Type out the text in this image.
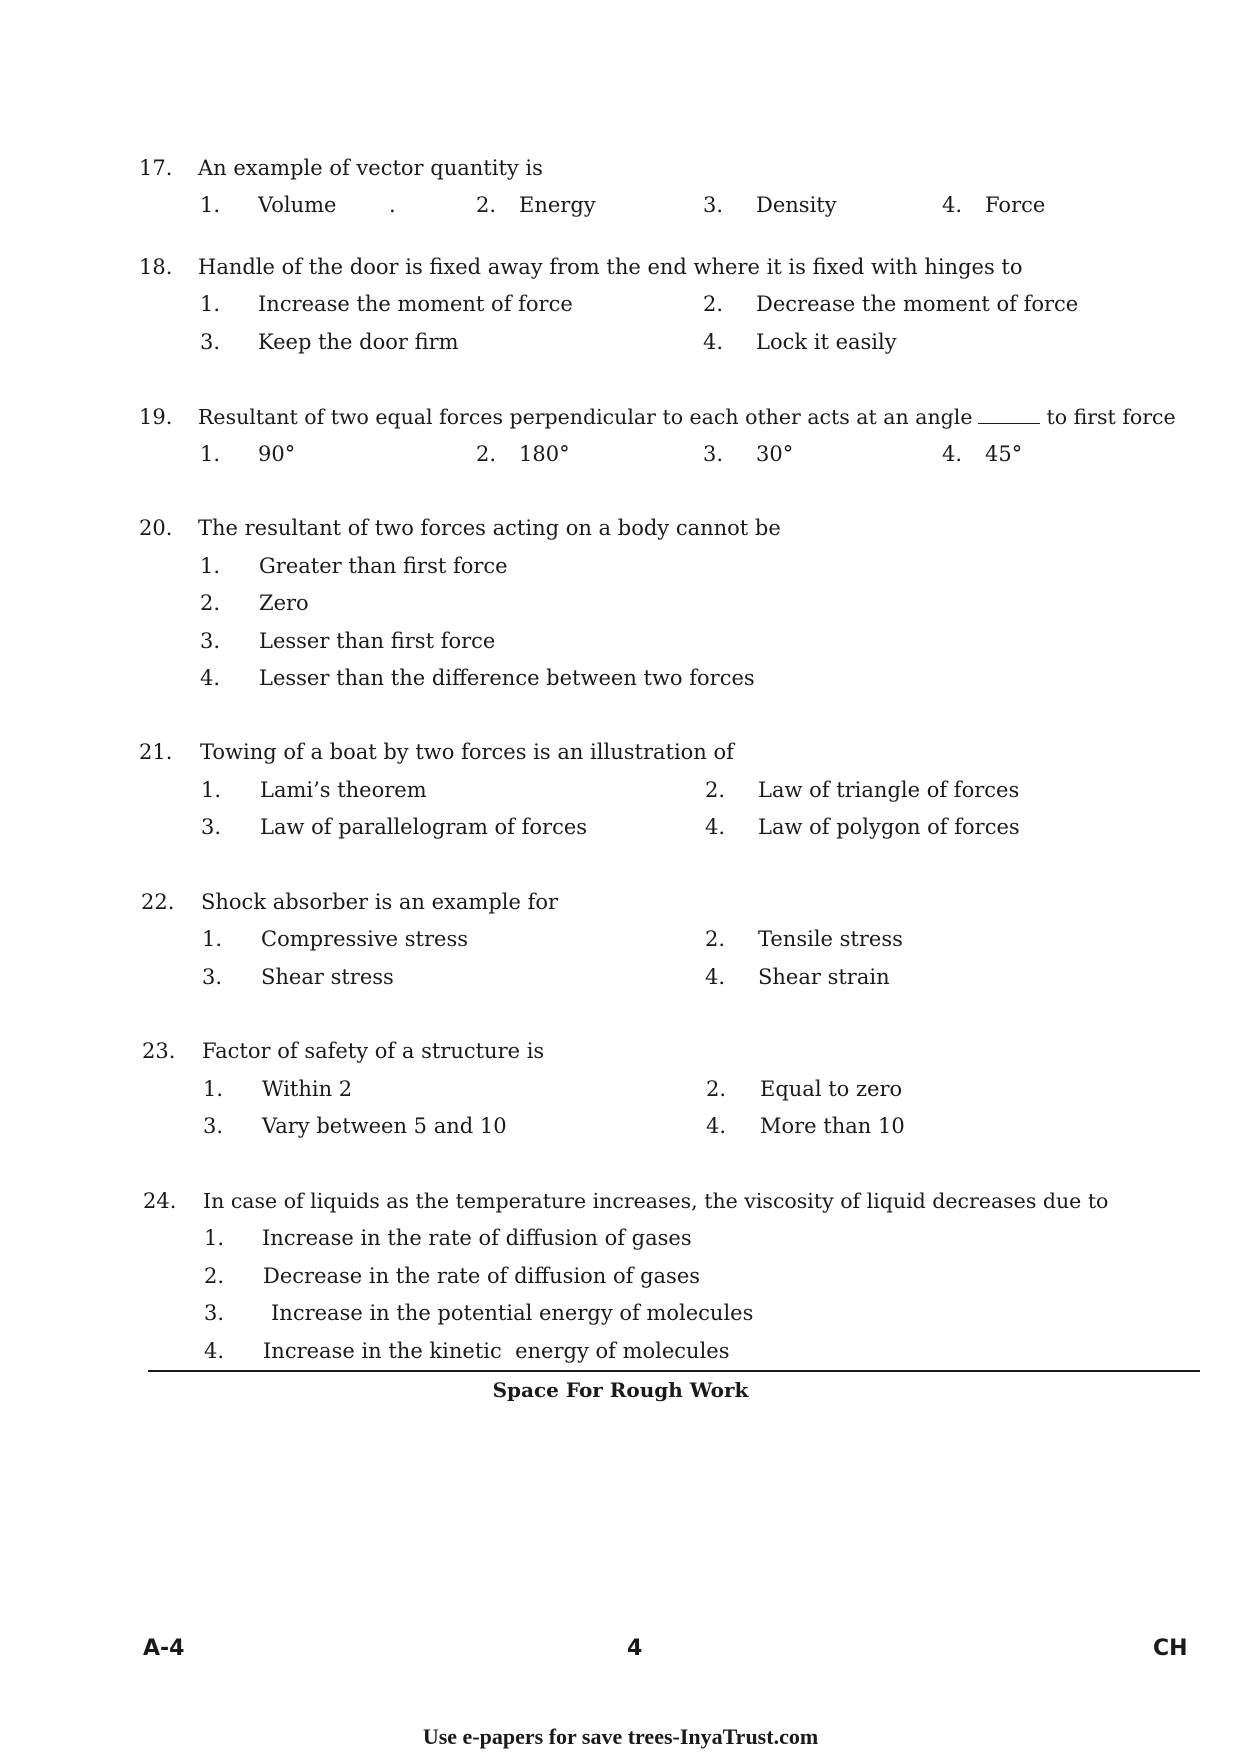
17. An example of vector quantity is
1. Volume	.	2. Energy	3. Density	4. Force
18. Handle of the door is fixed away from the end where it is fixed with hinges to
1. Increase the moment of force	2. Decrease the moment of force
3. Keep the door firm	4. Lock it easily
19. Resultant of two equal forces perpendicular to each other acts at an angle	to first force
1. 90°	2. 180°	3. 30°	4. 45°
20. The resultant of two forces acting on a body cannot be
1. Greater than first force
2. Zero
3. Lesser than first force
4. Lesser than the difference between two forces
21. Towing of a boat by two forces is an illustration of
1. Lami’s theorem	2. Law of triangle of forces
3. Law of parallelogram of forces	4. Law of polygon of forces
22. Shock absorber is an example for
1. Compressive stress	2. Tensile stress
3. Shear stress	4. Shear strain
23. Factor of safety of a structure is
1. Within 2	2. Equal to zero
3. Vary between 5 and 10	4. More than 10
24. In case of liquids as the temperature increases, the viscosity of liquid decreases due to
1. Increase in the rate of diffusion of gases
2. Decrease in the rate of diffusion of gases
3. Increase in the potential energy of molecules
4. Increase in the kinetic  energy of molecules
Space For Rough Work
A-4	4	CH
Use e-papers for save trees-InyaTrust.com
